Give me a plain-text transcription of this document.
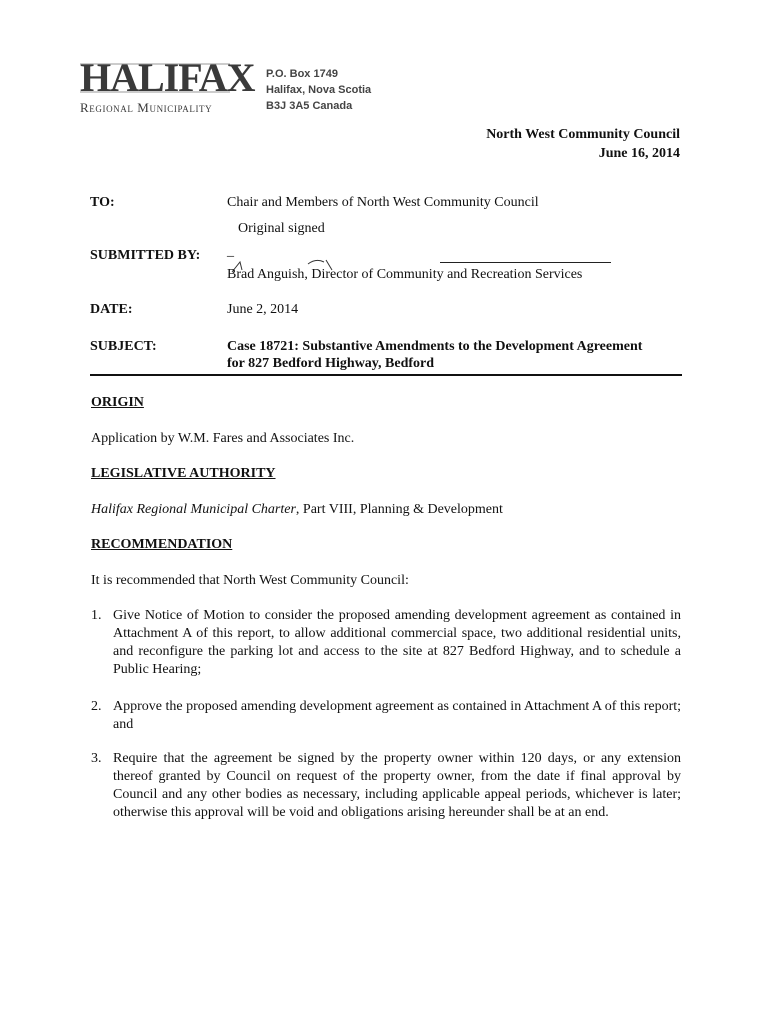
HALIFAX
Regional Municipality
P.O. Box 1749
Halifax, Nova Scotia
B3J 3A5 Canada
North West Community Council
June 16, 2014
TO:	Chair and Members of North West Community Council
Original signed
SUBMITTED BY: _
Brad Anguish, Director of Community and Recreation Services
DATE:	June 2, 2014
SUBJECT:	Case 18721: Substantive Amendments to the Development Agreement
for 827 Bedford Highway, Bedford
ORIGIN
Application by W.M. Fares and Associates Inc.
LEGISLATIVE AUTHORITY
Halifax Regional Municipal Charter, Part VIII, Planning & Development
RECOMMENDATION
It is recommended that North West Community Council:
1. Give Notice of Motion to consider the proposed amending development agreement as contained in Attachment A of this report, to allow additional commercial space, two additional residential units, and reconfigure the parking lot and access to the site at 827 Bedford Highway, and to schedule a Public Hearing;
2. Approve the proposed amending development agreement as contained in Attachment A of this report; and
3. Require that the agreement be signed by the property owner within 120 days, or any extension thereof granted by Council on request of the property owner, from the date if final approval by Council and any other bodies as necessary, including applicable appeal periods, whichever is later; otherwise this approval will be void and obligations arising hereunder shall be at an end.
